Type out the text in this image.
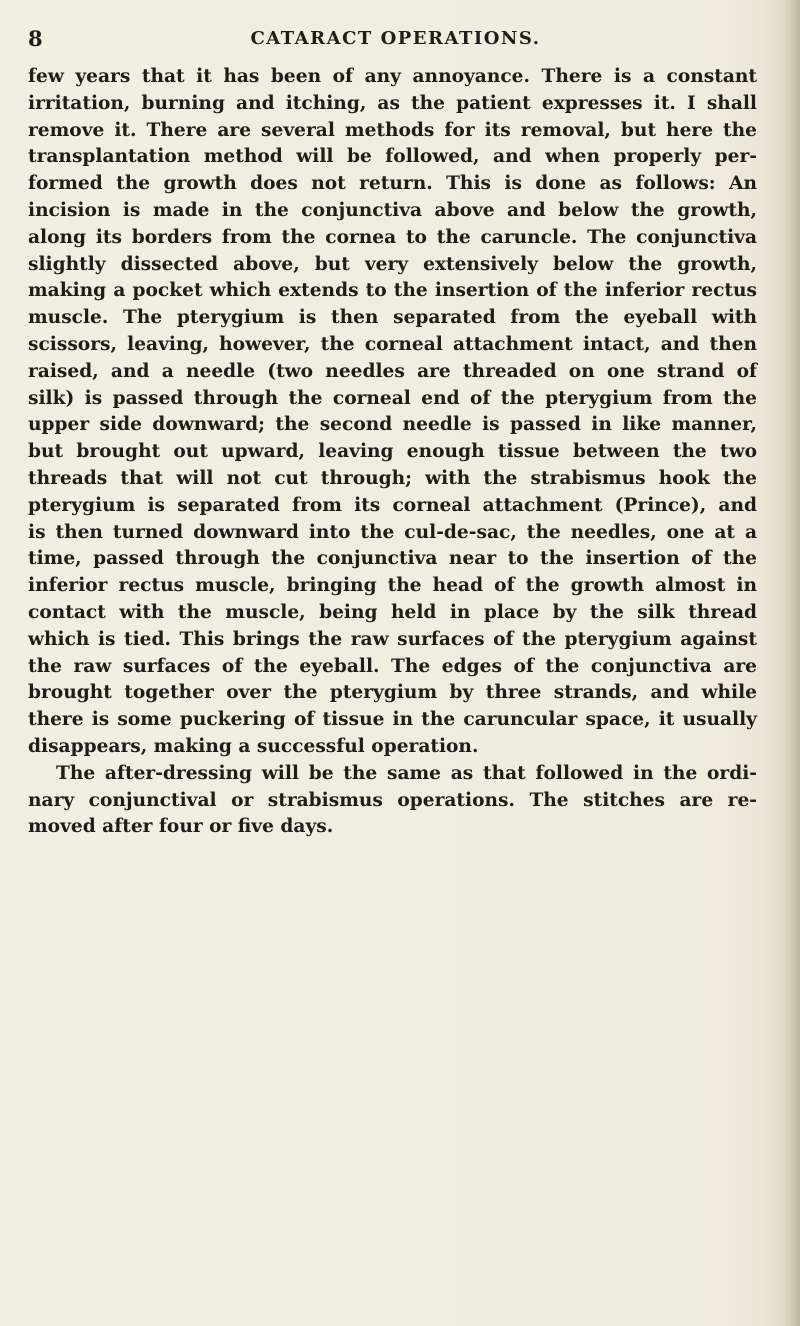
8	CATARACT OPERATIONS.
few years that it has been of any annoyance. There is a constant
irritation, burning and itching, as the patient expresses it. I shall
remove it. There are several methods for its removal, but here the
transplantation method will be followed, and when properly per-
formed the growth does not return. This is done as follows: An
incision is made in the conjunctiva above and below the growth,
along its borders from the cornea to the caruncle. The conjunctiva
slightly dissected above, but very extensively below the growth,
making a pocket which extends to the insertion of the inferior rectus
muscle. The pterygium is then separated from the eyeball with
scissors, leaving, however, the corneal attachment intact, and then
raised, and a needle (two needles are threaded on one strand of
silk) is passed through the corneal end of the pterygium from the
upper side downward; the second needle is passed in like manner,
but brought out upward, leaving enough tissue between the two
threads that will not cut through; with the strabismus hook the
pterygium is separated from its corneal attachment (Prince), and
is then turned downward into the cul-de-sac, the needles, one at a
time, passed through the conjunctiva near to the insertion of the
inferior rectus muscle, bringing the head of the growth almost in
contact with the muscle, being held in place by the silk thread
which is tied. This brings the raw surfaces of the pterygium against
the raw surfaces of the eyeball. The edges of the conjunctiva are
brought together over the pterygium by three strands, and while
there is some puckering of tissue in the caruncular space, it usually
disappears, making a successful operation.
The after-dressing will be the same as that followed in the ordi-
nary conjunctival or strabismus operations. The stitches are re-
moved after four or five days.
